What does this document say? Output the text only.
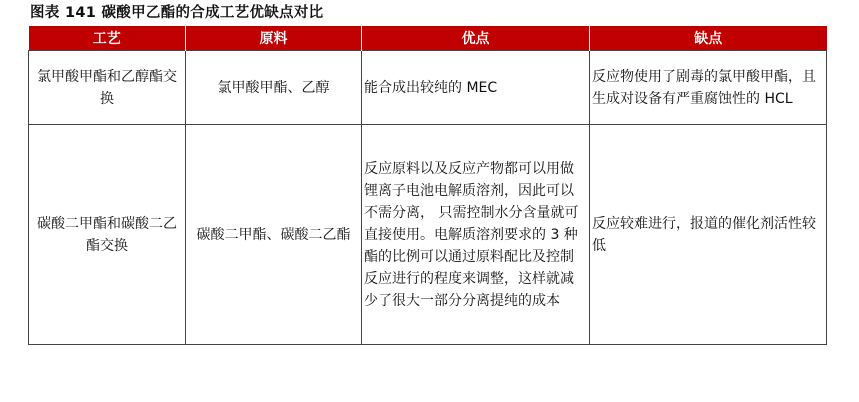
图表 141 碳酸甲乙酯的合成工艺优缺点对比
工艺	原料	优点	缺点
氯甲酸甲酯和乙醇酯交换	氯甲酸甲酯、乙醇	能合成出较纯的 MEC	反应物使用了剧毒的氯甲酸甲酯，且生成对设备有严重腐蚀性的 HCL
碳酸二甲酯和碳酸二乙酯交换	碳酸二甲酯、碳酸二乙酯	反应原料以及反应产物都可以用做锂离子电池电解质溶剂，因此可以不需分离， 只需控制水分含量就可直接使用。电解质溶剂要求的 3 种酯的比例可以通过原料配比及控制反应进行的程度来调整，这样就减少了很大一部分分离提纯的成本	反应较难进行，报道的催化剂活性较低
